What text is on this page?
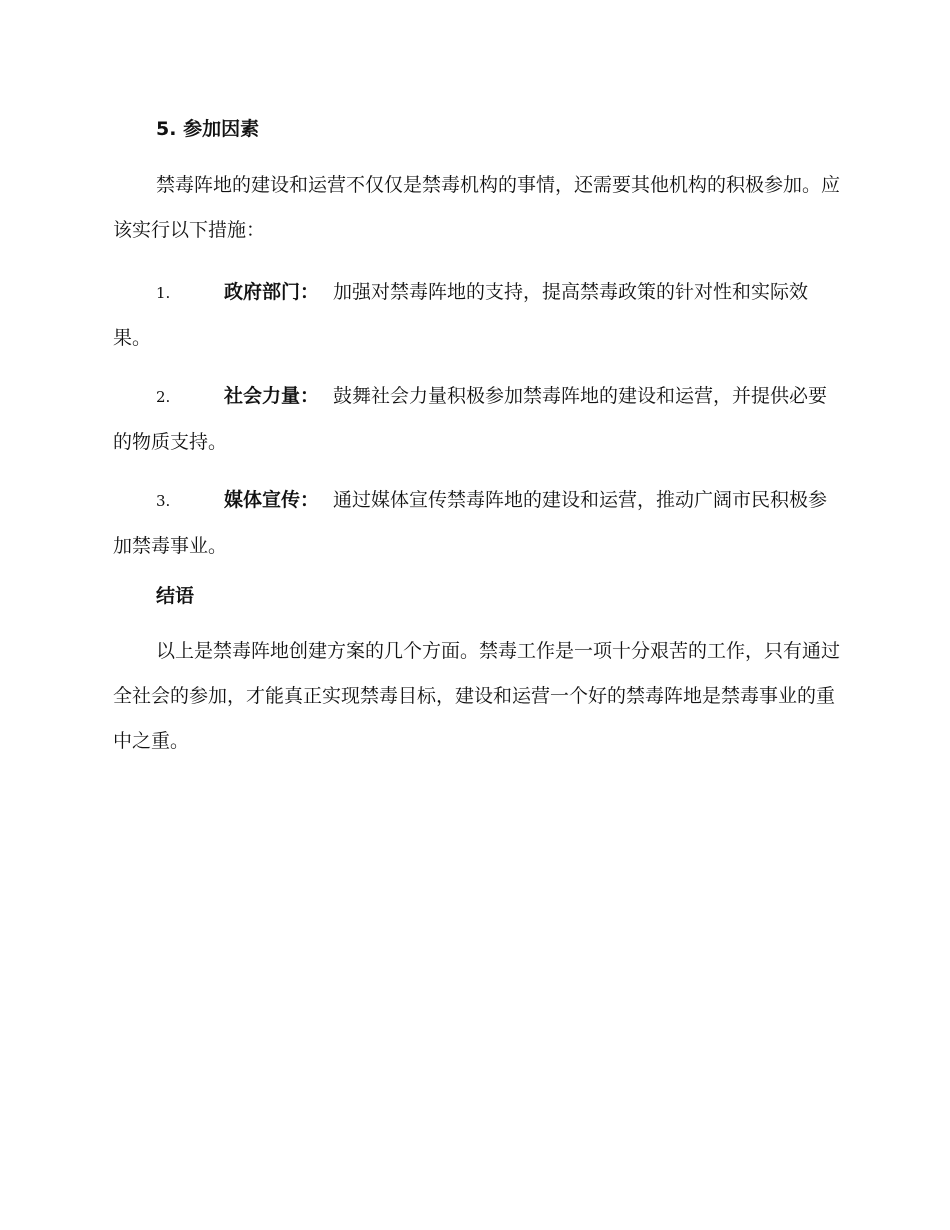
5. 参加因素

禁毒阵地的建设和运营不仅仅是禁毒机构的事情，还需要其他机构的积极参加。应该实行以下措施：

1.	政府部门： 加强对禁毒阵地的支持，提高禁毒政策的针对性和实际效果。

2.	社会力量： 鼓舞社会力量积极参加禁毒阵地的建设和运营，并提供必要的物质支持。

3.	媒体宣传： 通过媒体宣传禁毒阵地的建设和运营，推动广阔市民积极参加禁毒事业。

结语

以上是禁毒阵地创建方案的几个方面。禁毒工作是一项十分艰苦的工作，只有通过全社会的参加，才能真正实现禁毒目标，建设和运营一个好的禁毒阵地是禁毒事业的重中之重。
